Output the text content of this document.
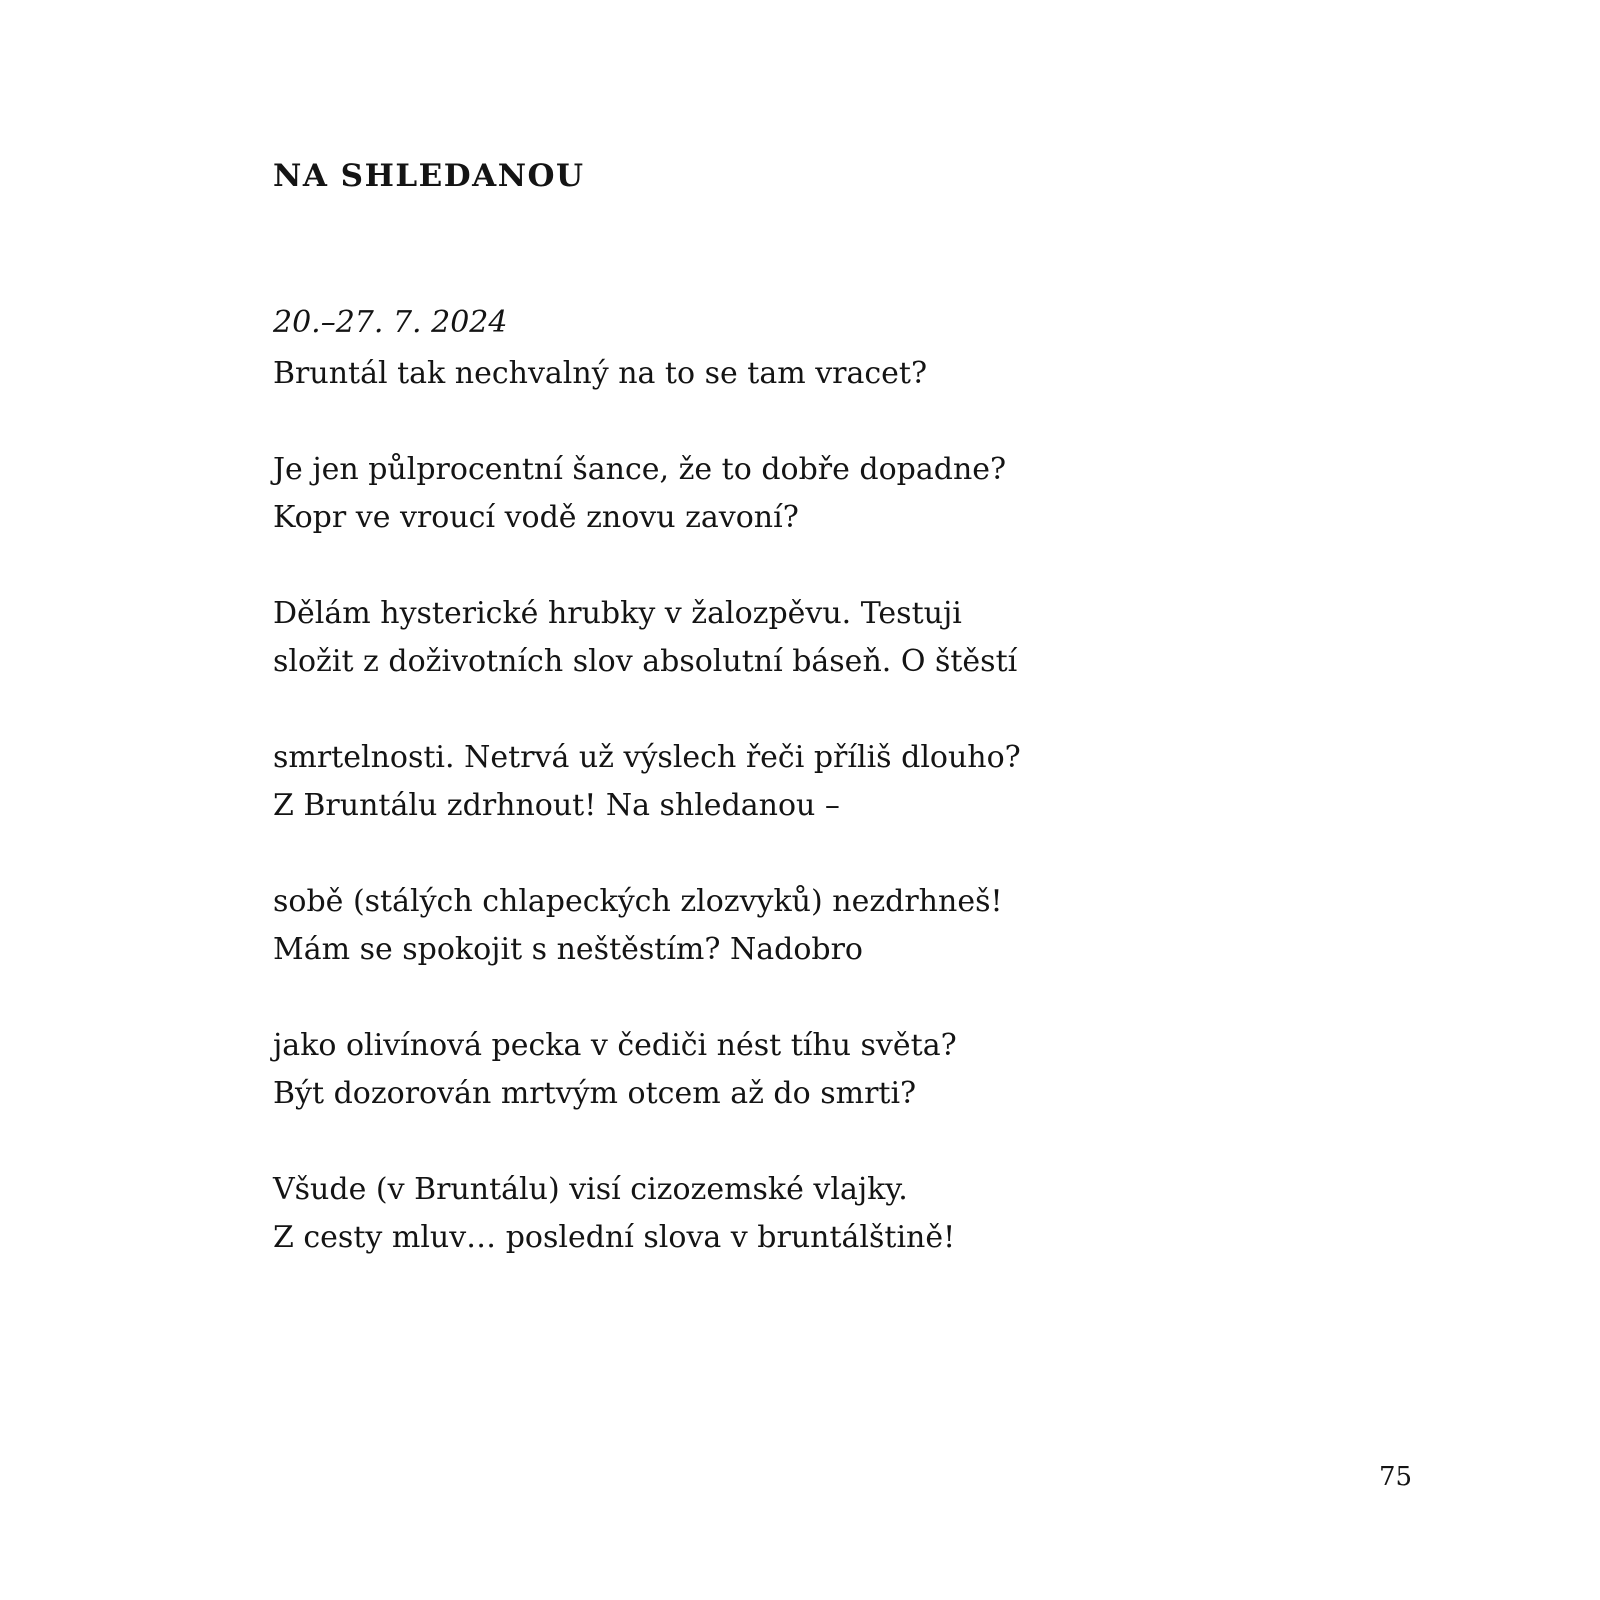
NA SHLEDANOU

20.–27. 7. 2024

Bruntál tak nechvalný na to se tam vracet?

Je jen půlprocentní šance, že to dobře dopadne?
Kopr ve vroucí vodě znovu zavoní?

Dělám hysterické hrubky v žalozpěvu. Testuji
složit z doživotních slov absolutní báseň. O štěstí

smrtelnosti. Netrvá už výslech řeči příliš dlouho?
Z Bruntálu zdrhnout! Na shledanou –

sobě (stálých chlapeckých zlozvyků) nezdrhneš!
Mám se spokojit s neštěstím? Nadobro

jako olivínová pecka v čediči nést tíhu světa?
Být dozorován mrtvým otcem až do smrti?

Všude (v Bruntálu) visí cizozemské vlajky.
Z cesty mluv… poslední slova v bruntálštině!

75
